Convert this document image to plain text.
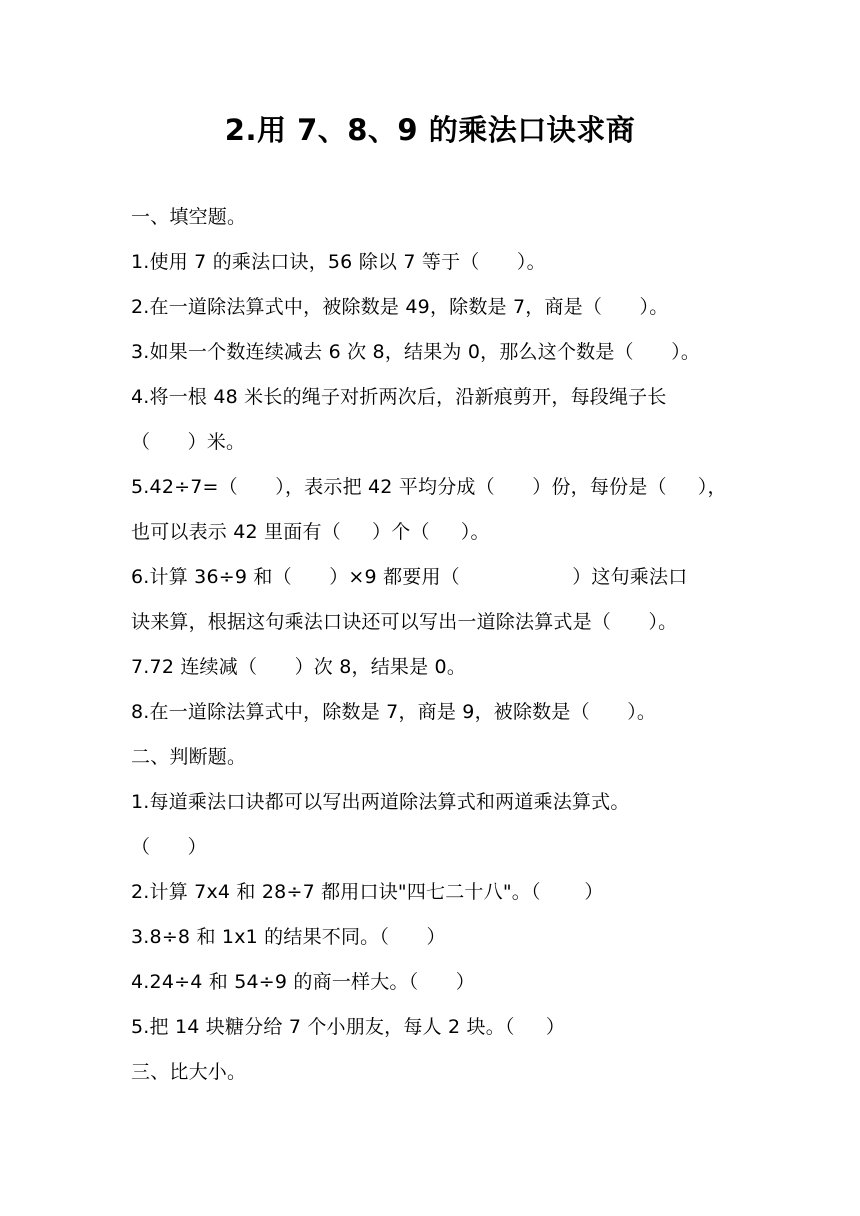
2.用 7、8、9 的乘法口诀求商
一、填空题。
1.使用 7 的乘法口诀，56 除以 7 等于（      ）。
2.在一道除法算式中，被除数是 49，除数是 7，商是（      ）。
3.如果一个数连续减去 6 次 8，结果为 0，那么这个数是（      ）。
4.将一根 48 米长的绳子对折两次后，沿新痕剪开，每段绳子长
（      ）米。
5.42÷7=（      ），表示把 42 平均分成（      ）份，每份是（     ），
也可以表示 42 里面有（     ）个（     ）。
6.计算 36÷9 和（      ）×9 都要用（                  ）这句乘法口
诀来算，根据这句乘法口诀还可以写出一道除法算式是（      ）。
7.72 连续减（      ）次 8，结果是 0。
8.在一道除法算式中，除数是 7，商是 9，被除数是（      ）。
二、判断题。
1.每道乘法口诀都可以写出两道除法算式和两道乘法算式。
（      ）
2.计算 7x4 和 28÷7 都用口诀"四七二十八"。（       ）
3.8÷8 和 1x1 的结果不同。（      ）
4.24÷4 和 54÷9 的商一样大。（      ）
5.把 14 块糖分给 7 个小朋友，每人 2 块。（     ）
三、比大小。
